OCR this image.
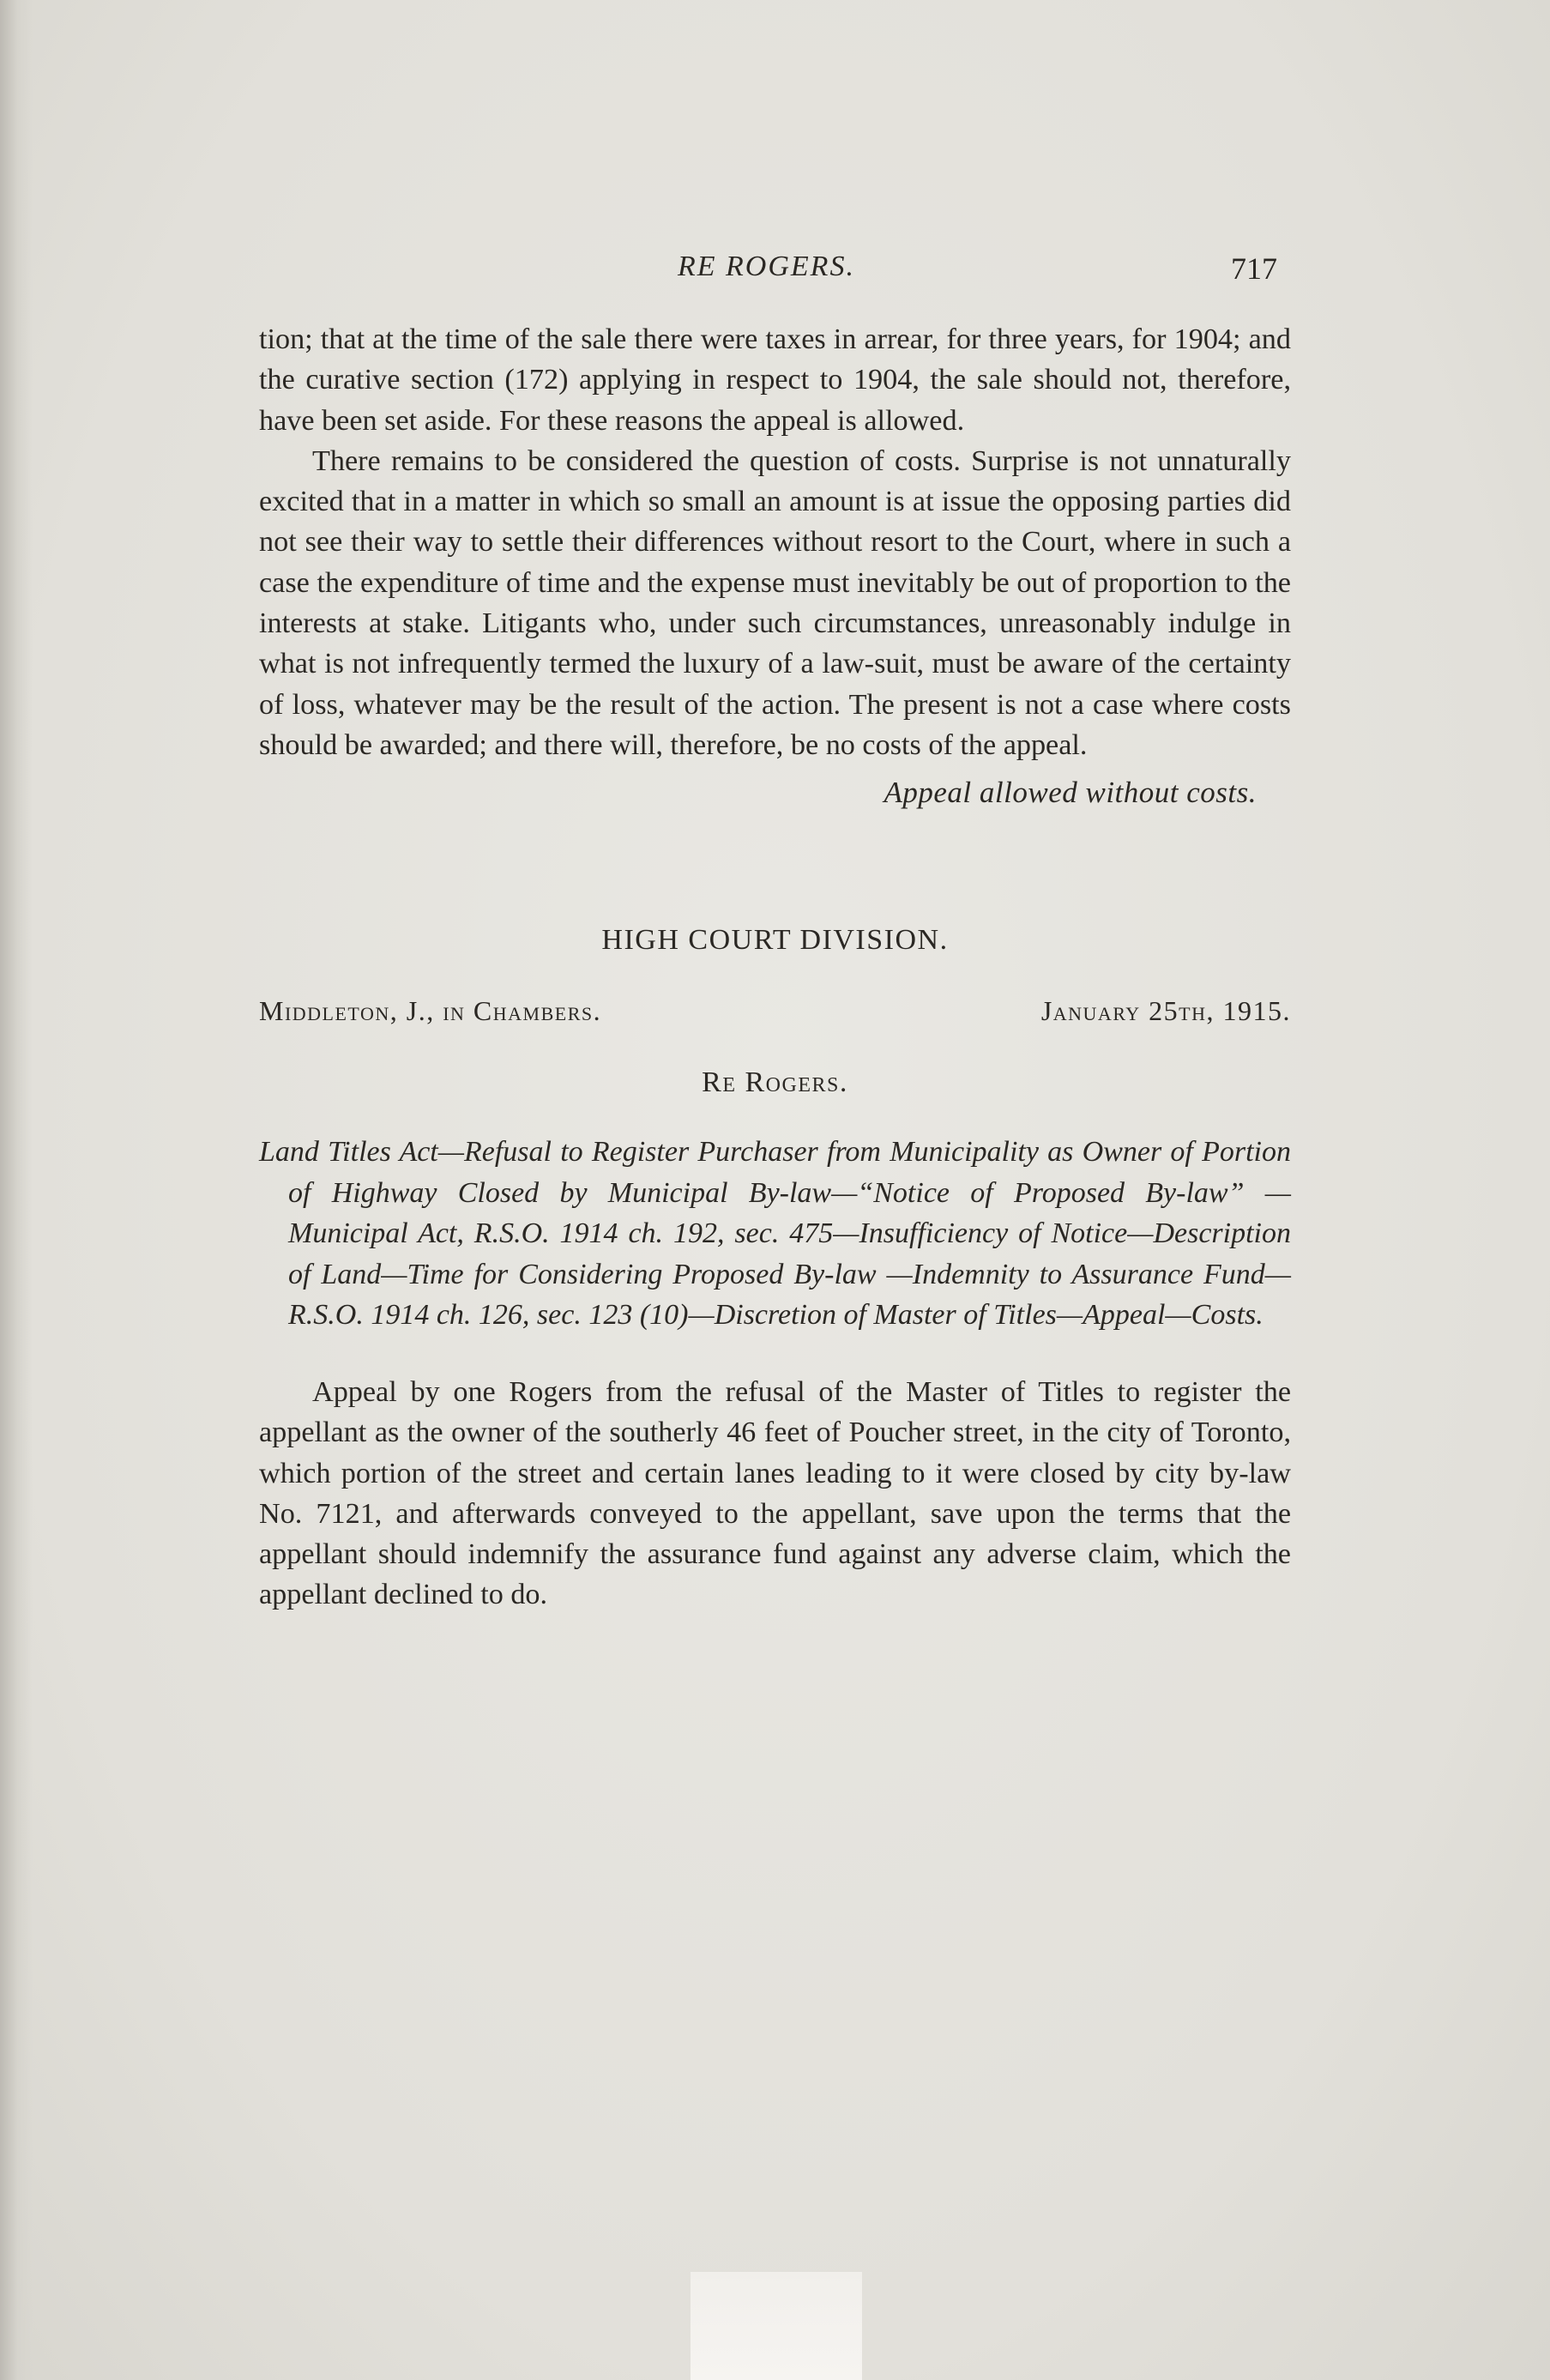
RE ROGERS.	717

tion; that at the time of the sale there were taxes in arrear, for three years, for 1904; and the curative section (172) applying in respect to 1904, the sale should not, therefore, have been set aside. For these reasons the appeal is allowed.

There remains to be considered the question of costs. Surprise is not unnaturally excited that in a matter in which so small an amount is at issue the opposing parties did not see their way to settle their differences without resort to the Court, where in such a case the expenditure of time and the expense must inevitably be out of proportion to the interests at stake. Litigants who, under such circumstances, unreasonably indulge in what is not infrequently termed the luxury of a law-suit, must be aware of the certainty of loss, whatever may be the result of the action. The present is not a case where costs should be awarded; and there will, therefore, be no costs of the appeal.

Appeal allowed without costs.

HIGH COURT DIVISION.

Middleton, J., in Chambers.	January 25th, 1915.

Re Rogers.

Land Titles Act—Refusal to Register Purchaser from Municipality as Owner of Portion of Highway Closed by Municipal By-law—“Notice of Proposed By-law” — Municipal Act, R.S.O. 1914 ch. 192, sec. 475—Insufficiency of Notice—Description of Land—Time for Considering Proposed By-law —Indemnity to Assurance Fund—R.S.O. 1914 ch. 126, sec. 123 (10)—Discretion of Master of Titles—Appeal—Costs.

Appeal by one Rogers from the refusal of the Master of Titles to register the appellant as the owner of the southerly 46 feet of Poucher street, in the city of Toronto, which portion of the street and certain lanes leading to it were closed by city by-law No. 7121, and afterwards conveyed to the appellant, save upon the terms that the appellant should indemnify the assurance fund against any adverse claim, which the appellant declined to do.
